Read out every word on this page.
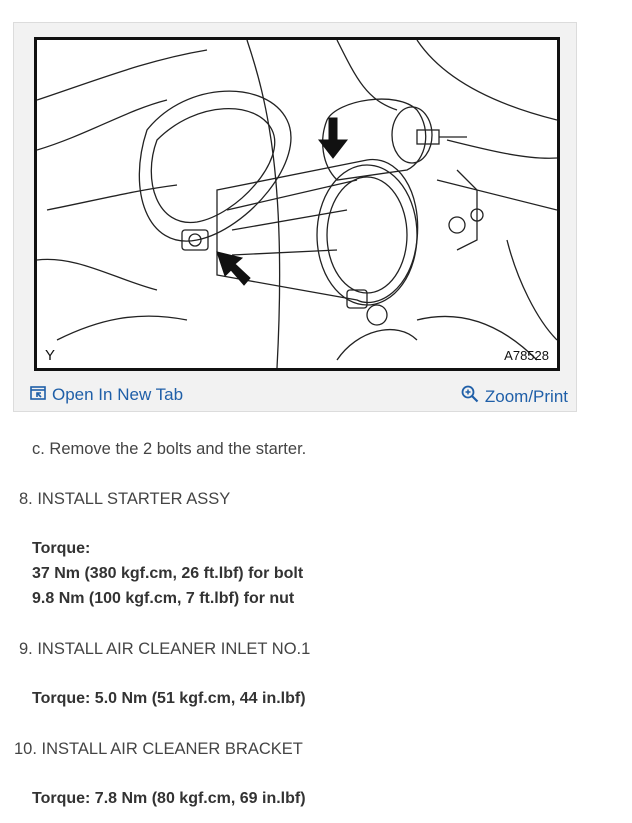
Y	A78528
Open In New Tab	Zoom/Print
c. Remove the 2 bolts and the starter.
8. INSTALL STARTER ASSY
Torque:
37 Nm (380 kgf.cm, 26 ft.lbf) for bolt
9.8 Nm (100 kgf.cm, 7 ft.lbf) for nut
9. INSTALL AIR CLEANER INLET NO.1
Torque: 5.0 Nm (51 kgf.cm, 44 in.lbf)
10. INSTALL AIR CLEANER BRACKET
Torque: 7.8 Nm (80 kgf.cm, 69 in.lbf)
